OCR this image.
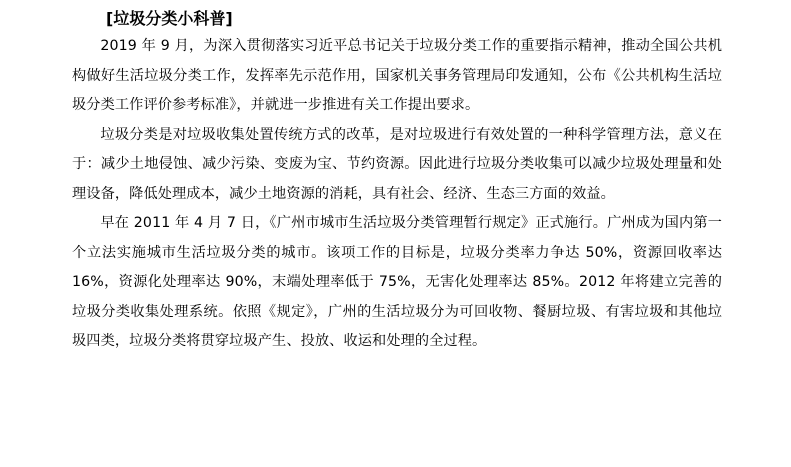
[垃圾分类小科普]

2019 年 9 月，为深入贯彻落实习近平总书记关于垃圾分类工作的重要指示精神，推动全国公共机构做好生活垃圾分类工作，发挥率先示范作用，国家机关事务管理局印发通知，公布《公共机构生活垃圾分类工作评价参考标准》，并就进一步推进有关工作提出要求。

垃圾分类是对垃圾收集处置传统方式的改革，是对垃圾进行有效处置的一种科学管理方法，意义在于：减少土地侵蚀、减少污染、变废为宝、节约资源。因此进行垃圾分类收集可以减少垃圾处理量和处理设备，降低处理成本，减少土地资源的消耗，具有社会、经济、生态三方面的效益。

早在 2011 年 4 月 7 日，《广州市城市生活垃圾分类管理暂行规定》正式施行。广州成为国内第一个立法实施城市生活垃圾分类的城市。该项工作的目标是，垃圾分类率力争达 50%，资源回收率达 16%，资源化处理率达 90%，末端处理率低于 75%，无害化处理率达 85%。2012 年将建立完善的垃圾分类收集处理系统。依照《规定》，广州的生活垃圾分为可回收物、餐厨垃圾、有害垃圾和其他垃圾四类，垃圾分类将贯穿垃圾产生、投放、收运和处理的全过程。
